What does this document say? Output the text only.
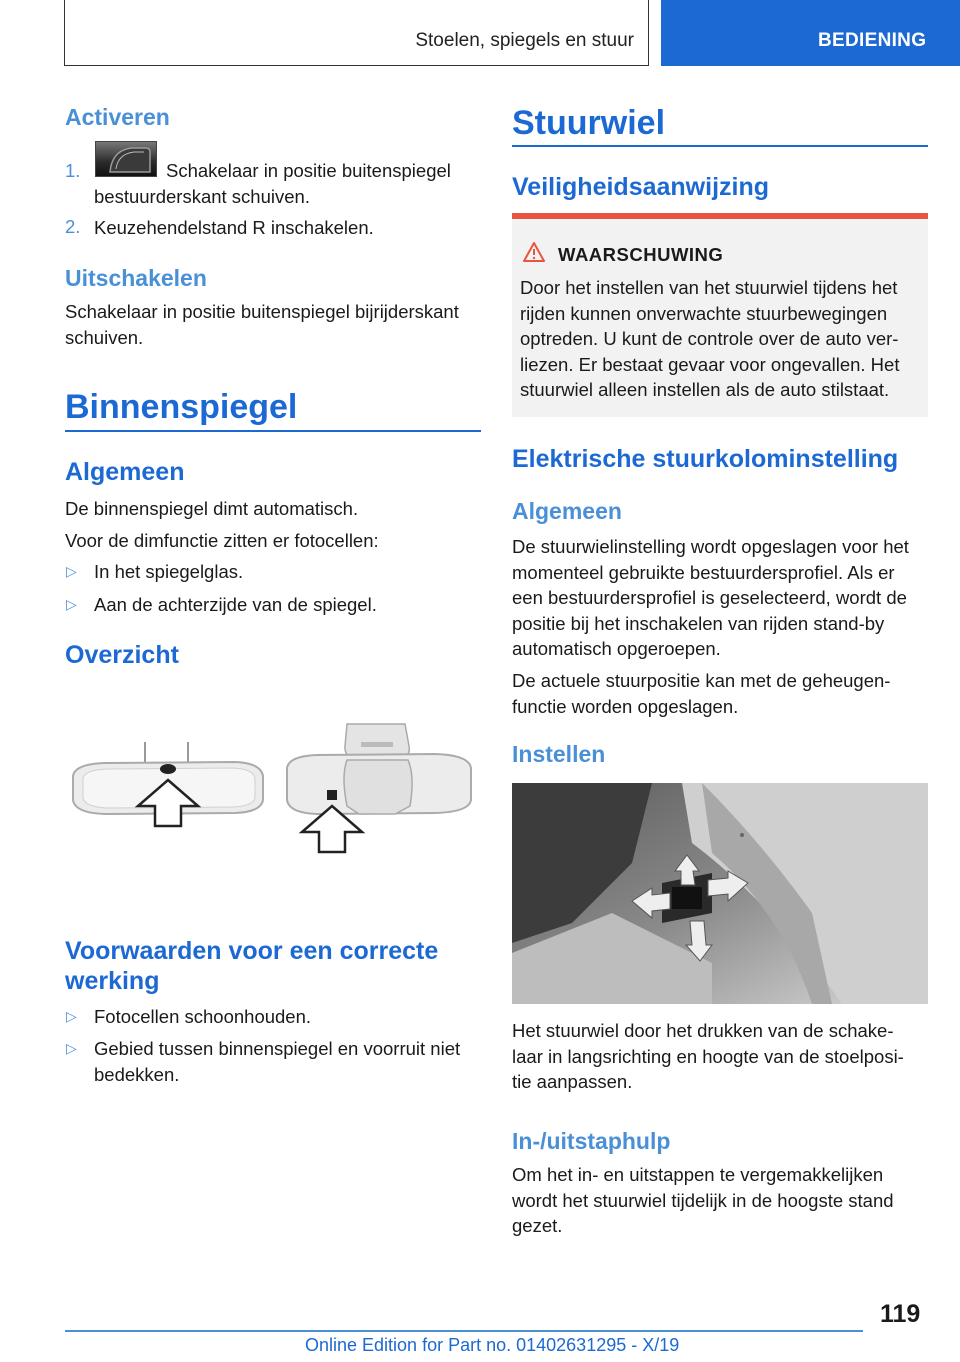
Stoelen, spiegels en stuur	BEDIENING
Activeren
1.	Schakelaar in positie buitenspiegel
bestuurderskant schuiven.
2. Keuzehendelstand R inschakelen.
Uitschakelen
Schakelaar in positie buitenspiegel bijrijderskant
schuiven.
Binnenspiegel
Algemeen
De binnenspiegel dimt automatisch.
Voor de dimfunctie zitten er fotocellen:
▷ In het spiegelglas.
▷ Aan de achterzijde van de spiegel.
Overzicht
Voorwaarden voor een correcte
werking
▷ Fotocellen schoonhouden.
▷ Gebied tussen binnenspiegel en voorruit niet
bedekken.
Stuurwiel
Veiligheidsaanwijzing
WAARSCHUWING
Door het instellen van het stuurwiel tijdens het
rijden kunnen onverwachte stuurbewegingen
optreden. U kunt de controle over de auto ver-
liezen. Er bestaat gevaar voor ongevallen. Het
stuurwiel alleen instellen als de auto stilstaat.
Elektrische stuurkolominstelling
Algemeen
De stuurwielinstelling wordt opgeslagen voor het
momenteel gebruikte bestuurdersprofiel. Als er
een bestuurdersprofiel is geselecteerd, wordt de
positie bij het inschakelen van rijden stand-by
automatisch opgeroepen.
De actuele stuurpositie kan met de geheugen-
functie worden opgeslagen.
Instellen
Het stuurwiel door het drukken van de schake-
laar in langsrichting en hoogte van de stoelposi-
tie aanpassen.
In-/uitstaphulp
Om het in- en uitstappen te vergemakkelijken
wordt het stuurwiel tijdelijk in de hoogste stand
gezet.
119
Online Edition for Part no. 01402631295 - X/19
